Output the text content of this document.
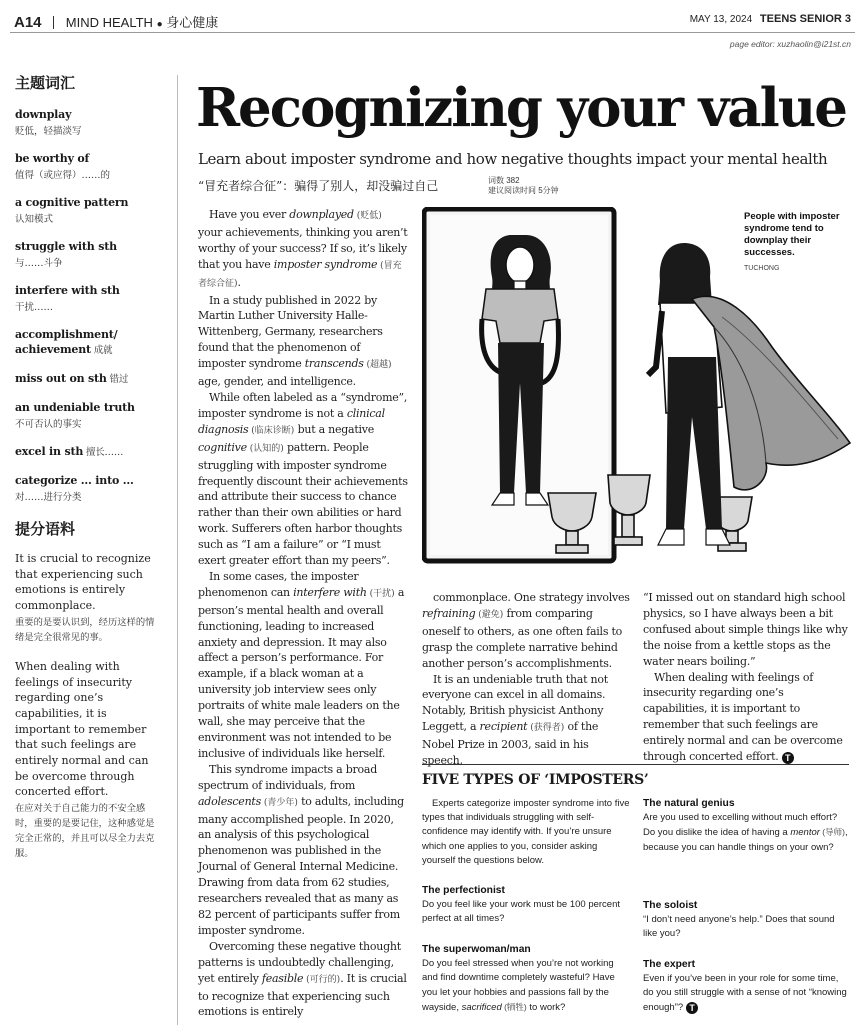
A14 MIND HEALTH ● 身心健康	MAY 13, 2024 TEENS SENIOR 3
page editor: xuzhaolin@i21st.cn
主题词汇
downplay
贬低，轻描淡写
be worthy of
值得（或应得）……的
a cognitive pattern
认知模式
struggle with sth
与……斗争
interfere with sth
干扰……
accomplishment/ achievement 成就
miss out on sth 错过
an undeniable truth
不可否认的事实
excel in sth 擅长……
categorize ... into ...
对……进行分类
提分语料
It is crucial to recognize that experiencing such emotions is entirely commonplace.
重要的是要认识到，经历这样的情绪是完全很常见的事。
When dealing with feelings of insecurity regarding one’s capabilities, it is important to remember that such feelings are entirely normal and can be overcome through concerted effort.
在应对关于自己能力的不安全感时，重要的是要记住，这种感觉是完全正常的，并且可以尽全力去克服。
Recognizing your value
Learn about imposter syndrome and how negative thoughts impact your mental health
“冒充者综合征”：骗得了别人，却没骗过自己	词数 382
建议阅读时间 5分钟

Have you ever downplayed (贬低) your achievements, thinking you aren’t worthy of your success? If so, it’s likely that you have imposter syndrome (冒充者综合征).

In a study published in 2022 by Martin Luther University Halle-Wittenberg, Germany, researchers found that the phenomenon of imposter syndrome transcends (超越) age, gender, and intelligence.

While often labeled as a “syndrome”, imposter syndrome is not a clinical diagnosis (临床诊断) but a negative cognitive (认知的) pattern. People struggling with imposter syndrome frequently discount their achievements and attribute their success to chance rather than their own abilities or hard work. Sufferers often harbor thoughts such as “I am a failure” or “I must exert greater effort than my peers”.

In some cases, the imposter phenomenon can interfere with (干扰) a person’s mental health and overall functioning, leading to increased anxiety and depression. It may also affect a person’s performance. For example, if a black woman at a university job interview sees only portraits of white male leaders on the wall, she may perceive that the environment was not intended to be inclusive of individuals like herself.

This syndrome impacts a broad spectrum of individuals, from adolescents (青少年) to adults, including many accomplished people. In 2020, an analysis of this psychological phenomenon was published in the Journal of General Internal Medicine. Drawing from data from 62 studies, researchers revealed that as many as 82 percent of participants suffer from imposter syndrome.

Overcoming these negative thought patterns is undoubtedly challenging, yet entirely feasible (可行的). It is crucial to recognize that experiencing such emotions is entirely

People with imposter syndrome tend to downplay their successes.
TUCHONG

commonplace. One strategy involves refraining (避免) from comparing oneself to others, as one often fails to grasp the complete narrative behind another person’s accomplishments.

It is an undeniable truth that not everyone can excel in all domains. Notably, British physicist Anthony Leggett, a recipient (获得者) of the Nobel Prize in 2003, said in his speech,

“I missed out on standard high school physics, so I have always been a bit confused about simple things like why the noise from a kettle stops as the water nears boiling.”

When dealing with feelings of insecurity regarding one’s capabilities, it is important to remember that such feelings are entirely normal and can be overcome through concerted effort. T

FIVE TYPES OF ‘IMPOSTERS’
Experts categorize imposter syndrome into five types that individuals struggling with self-confidence may identify with. If you’re unsure which one applies to you, consider asking yourself the questions below.
The perfectionist
Do you feel like your work must be 100 percent perfect at all times?
The superwoman/man
Do you feel stressed when you’re not working and find downtime completely wasteful? Have you let your hobbies and passions fall by the wayside, sacrificed (牺牲) to work?
The natural genius
Are you used to excelling without much effort?
Do you dislike the idea of having a mentor (导师), because you can handle things on your own?
The soloist
“I don’t need anyone’s help.” Does that sound like you?
The expert
Even if you’ve been in your role for some time, do you still struggle with a sense of not “knowing enough”? T
